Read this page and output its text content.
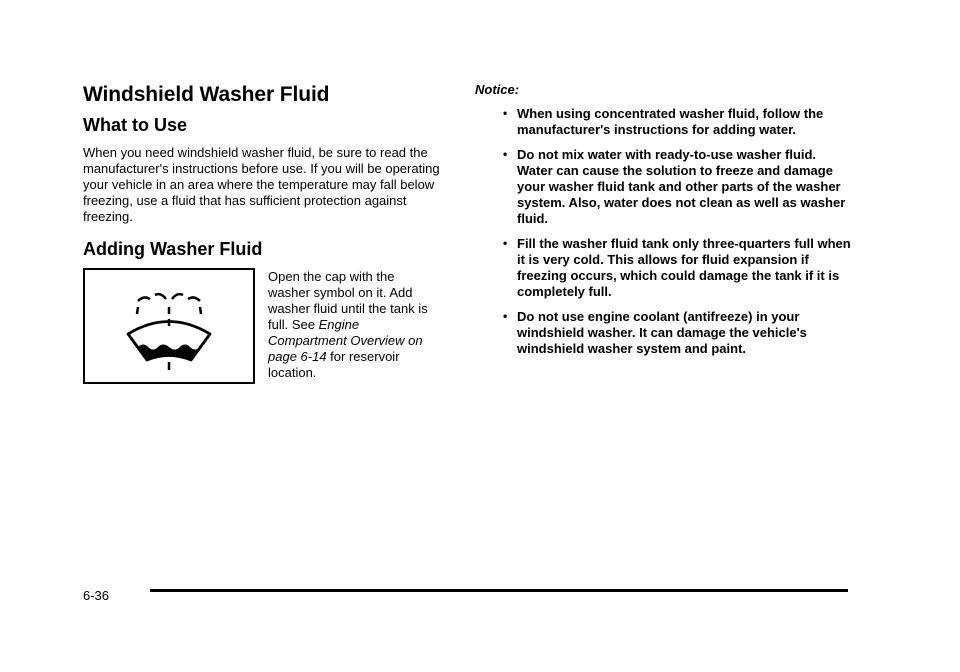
Windshield Washer Fluid
What to Use

When you need windshield washer fluid, be sure to read the manufacturer's instructions before use. If you will be operating your vehicle in an area where the temperature may fall below freezing, use a fluid that has sufficient protection against freezing.

Adding Washer Fluid

Open the cap with the washer symbol on it. Add washer fluid until the tank is full. See Engine Compartment Overview on page 6-14 for reservoir location.

Notice:

• When using concentrated washer fluid, follow the manufacturer's instructions for adding water.
• Do not mix water with ready-to-use washer fluid. Water can cause the solution to freeze and damage your washer fluid tank and other parts of the washer system. Also, water does not clean as well as washer fluid.
• Fill the washer fluid tank only three-quarters full when it is very cold. This allows for fluid expansion if freezing occurs, which could damage the tank if it is completely full.
• Do not use engine coolant (antifreeze) in your windshield washer. It can damage the vehicle's windshield washer system and paint.
6-36
